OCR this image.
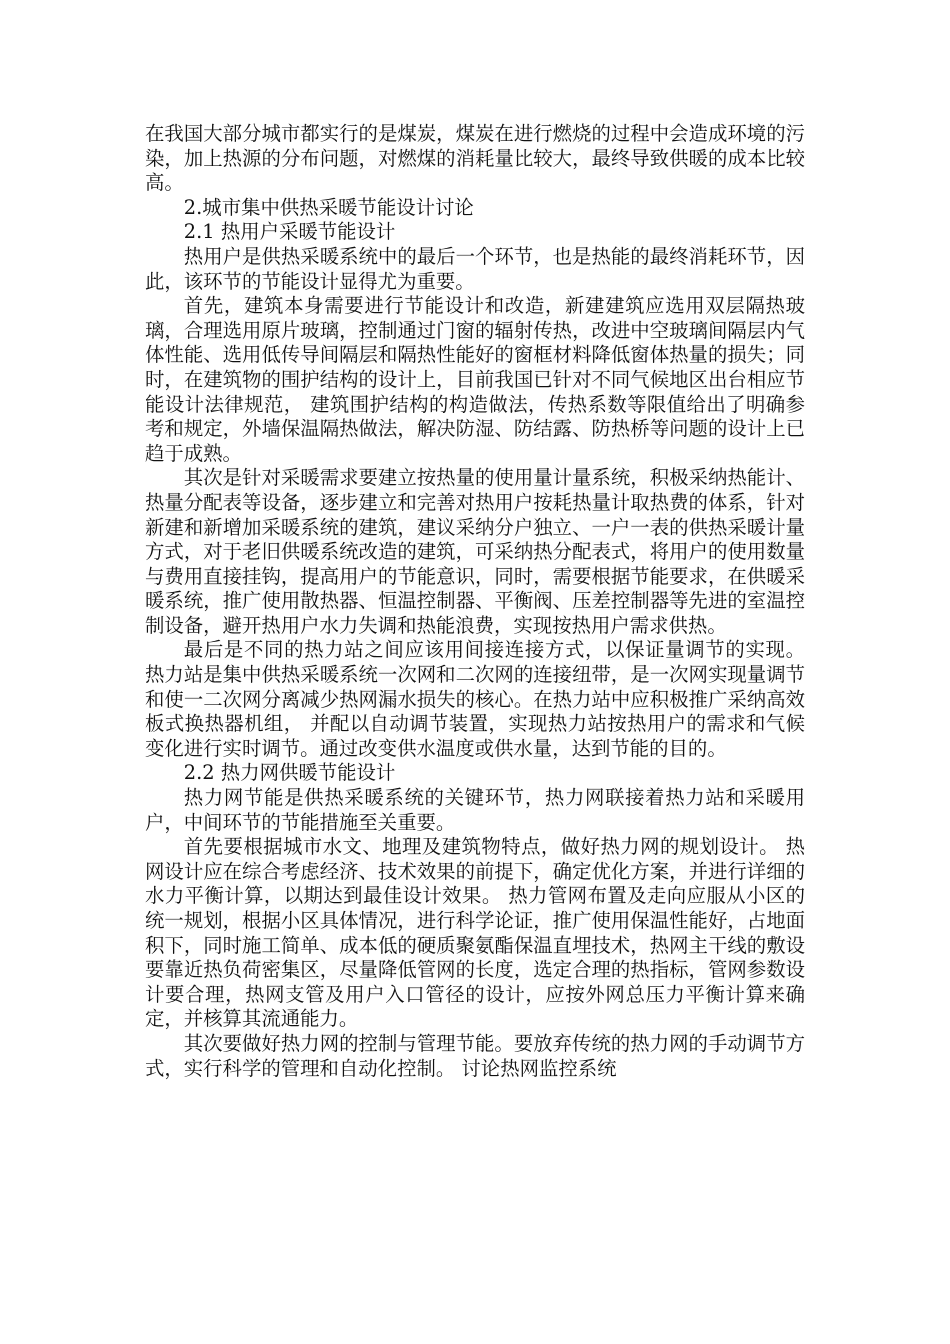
在我国大部分城市都实行的是煤炭，煤炭在进行燃烧的过程中会造成环境的污染，加上热源的分布问题，对燃煤的消耗量比较大，最终导致供暖的成本比较高。

2.城市集中供热采暖节能设计讨论

2.1 热用户采暖节能设计

热用户是供热采暖系统中的最后一个环节，也是热能的最终消耗环节，因此，该环节的节能设计显得尤为重要。

首先，建筑本身需要进行节能设计和改造，新建建筑应选用双层隔热玻璃，合理选用原片玻璃，控制通过门窗的辐射传热，改进中空玻璃间隔层内气体性能、选用低传导间隔层和隔热性能好的窗框材料降低窗体热量的损失；同时，在建筑物的围护结构的设计上，目前我国已针对不同气候地区出台相应节能设计法律规范， 建筑围护结构的构造做法，传热系数等限值给出了明确参考和规定，外墙保温隔热做法，解决防湿、防结露、防热桥等问题的设计上已趋于成熟。

其次是针对采暖需求要建立按热量的使用量计量系统，积极采纳热能计、热量分配表等设备，逐步建立和完善对热用户按耗热量计取热费的体系，针对新建和新增加采暖系统的建筑，建议采纳分户独立、一户一表的供热采暖计量方式，对于老旧供暖系统改造的建筑，可采纳热分配表式，将用户的使用数量与费用直接挂钩，提高用户的节能意识，同时，需要根据节能要求，在供暖采暖系统，推广使用散热器、恒温控制器、平衡阀、压差控制器等先进的室温控制设备，避开热用户水力失调和热能浪费，实现按热用户需求供热。

最后是不同的热力站之间应该用间接连接方式，以保证量调节的实现。 热力站是集中供热采暖系统一次网和二次网的连接纽带，是一次网实现量调节和使一二次网分离减少热网漏水损失的核心。在热力站中应积极推广采纳高效板式换热器机组， 并配以自动调节装置，实现热力站按热用户的需求和气候变化进行实时调节。通过改变供水温度或供水量，达到节能的目的。

2.2 热力网供暖节能设计

热力网节能是供热采暖系统的关键环节，热力网联接着热力站和采暖用户，中间环节的节能措施至关重要。

首先要根据城市水文、地理及建筑物特点，做好热力网的规划设计。 热网设计应在综合考虑经济、技术效果的前提下，确定优化方案，并进行详细的水力平衡计算，以期达到最佳设计效果。 热力管网布置及走向应服从小区的统一规划，根据小区具体情况，进行科学论证，推广使用保温性能好，占地面积下，同时施工简单、成本低的硬质聚氨酯保温直埋技术，热网主干线的敷设要靠近热负荷密集区，尽量降低管网的长度，选定合理的热指标，管网参数设计要合理，热网支管及用户入口管径的设计，应按外网总压力平衡计算来确定，并核算其流通能力。

其次要做好热力网的控制与管理节能。要放弃传统的热力网的手动调节方式，实行科学的管理和自动化控制。 讨论热网监控系统
